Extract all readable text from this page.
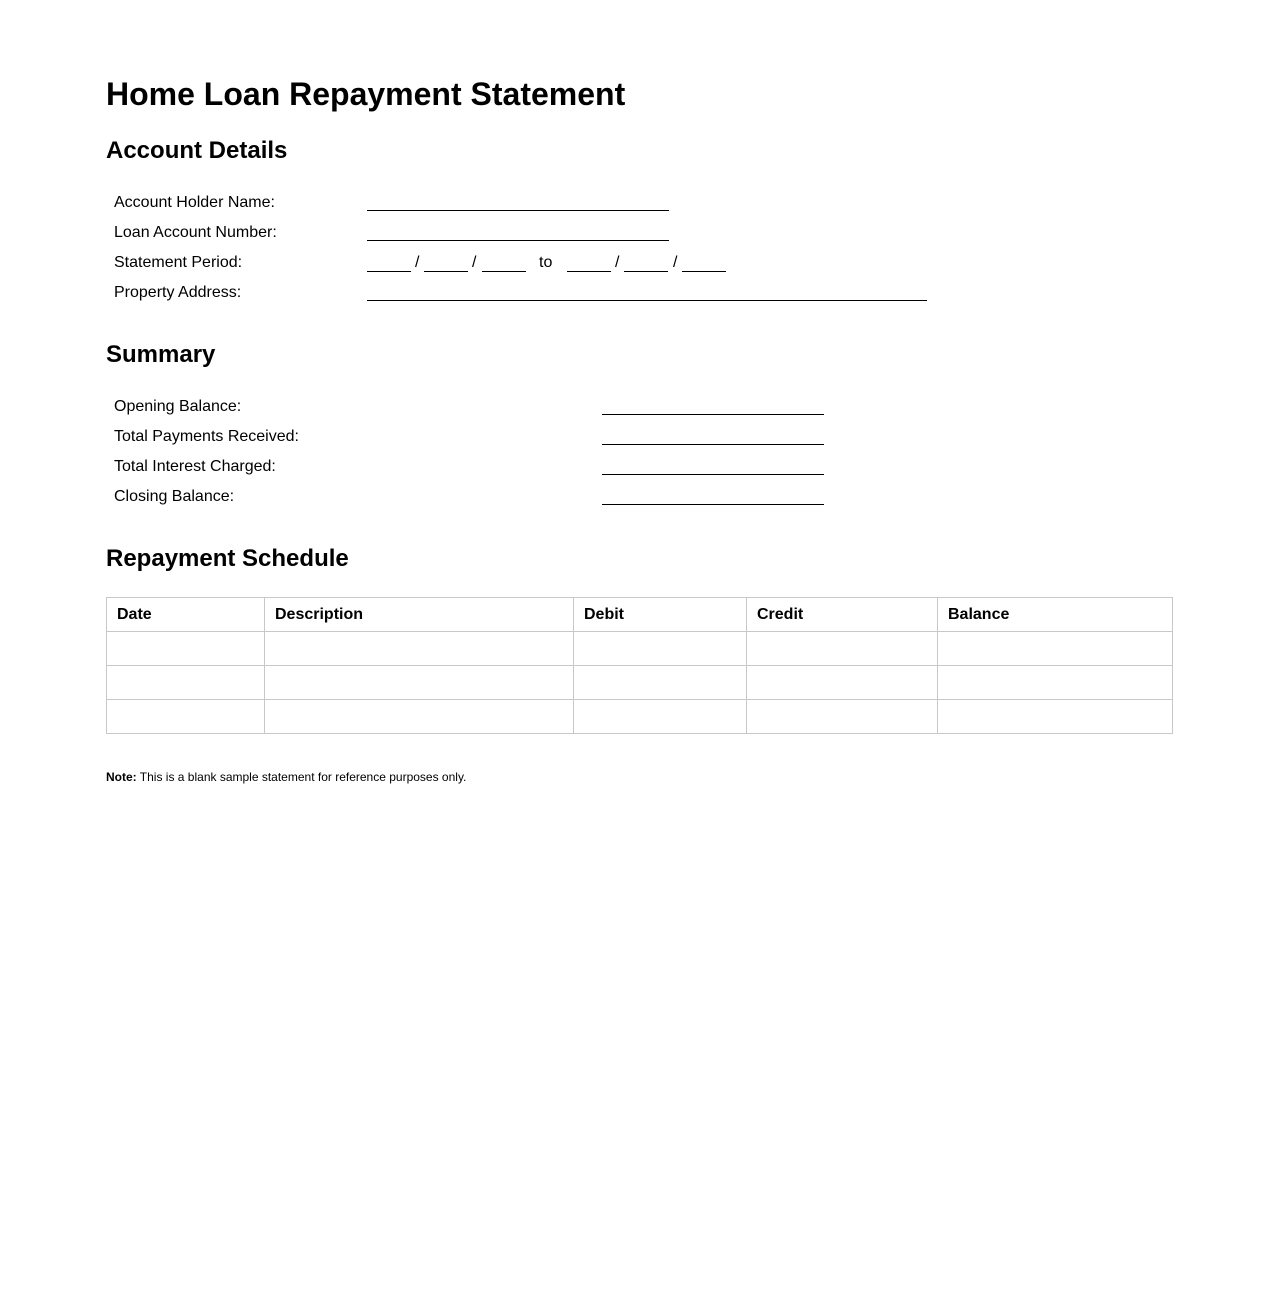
Home Loan Repayment Statement
Account Details
Account Holder Name:
Loan Account Number:
Statement Period:	/	/	to	/	/
Property Address:
Summary
Opening Balance:
Total Payments Received:
Total Interest Charged:
Closing Balance:
Repayment Schedule
Date	Description	Debit	Credit	Balance

Note: This is a blank sample statement for reference purposes only.
